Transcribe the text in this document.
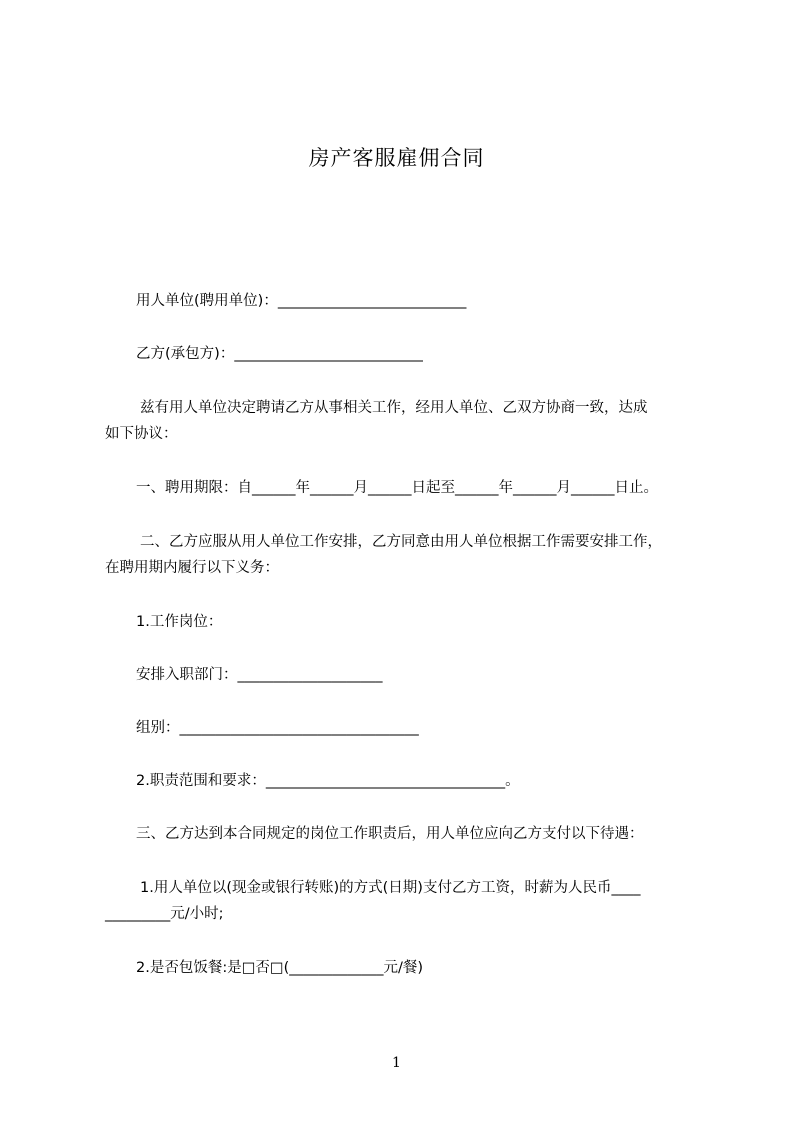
房产客服雇佣合同
用人单位(聘用单位)：__________________________
乙方(承包方)：__________________________
兹有用人单位决定聘请乙方从事相关工作，经用人单位、乙双方协商一致，达成
如下协议：
一、聘用期限：自______年______月______日起至______年______月______日止。
二、乙方应服从用人单位工作安排，乙方同意由用人单位根据工作需要安排工作，
在聘用期内履行以下义务：
1.工作岗位：
安排入职部门：____________________
组别：_________________________________
2.职责范围和要求：_________________________________。
三、乙方达到本合同规定的岗位工作职责后，用人单位应向乙方支付以下待遇：
1.用人单位以(现金或银行转账)的方式(日期)支付乙方工资，时薪为人民币____
_________元/小时;
2.是否包饭餐:是□否□(_____________元/餐)
1
